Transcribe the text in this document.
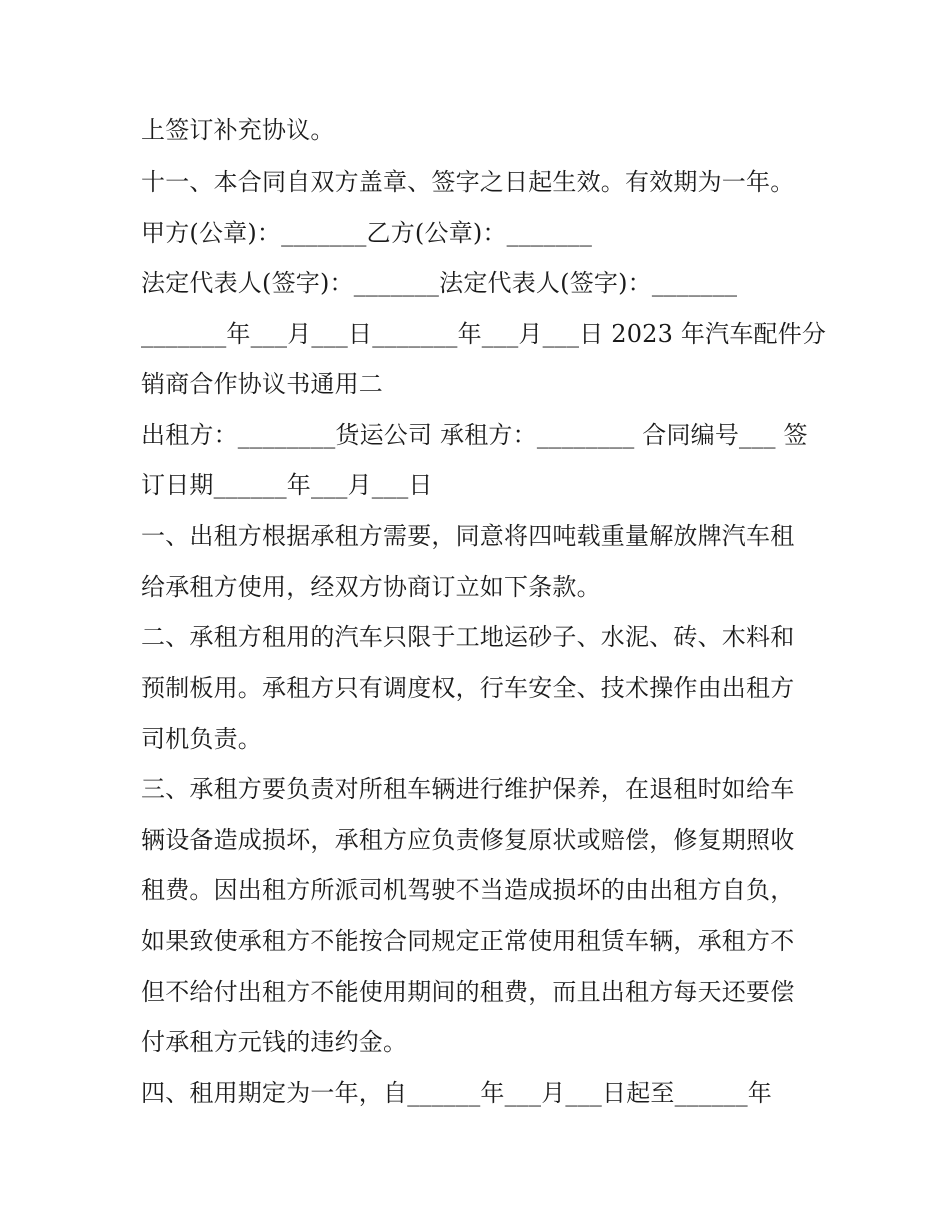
上签订补充协议。
十一、本合同自双方盖章、签字之日起生效。有效期为一年。
甲方(公章)：_______乙方(公章)：_______
法定代表人(签字)：_______法定代表人(签字)：_______
_______年___月___日_______年___月___日 2023 年汽车配件分
销商合作协议书通用二
出租方：________货运公司 承租方：________ 合同编号___ 签
订日期______年___月___日
一、出租方根据承租方需要，同意将四吨载重量解放牌汽车租
给承租方使用，经双方协商订立如下条款。
二、承租方租用的汽车只限于工地运砂子、水泥、砖、木料和
预制板用。承租方只有调度权，行车安全、技术操作由出租方
司机负责。
三、承租方要负责对所租车辆进行维护保养，在退租时如给车
辆设备造成损坏，承租方应负责修复原状或赔偿，修复期照收
租费。因出租方所派司机驾驶不当造成损坏的由出租方自负，
如果致使承租方不能按合同规定正常使用租赁车辆，承租方不
但不给付出租方不能使用期间的租费，而且出租方每天还要偿
付承租方元钱的违约金。
四、租用期定为一年，自______年___月___日起至______年
